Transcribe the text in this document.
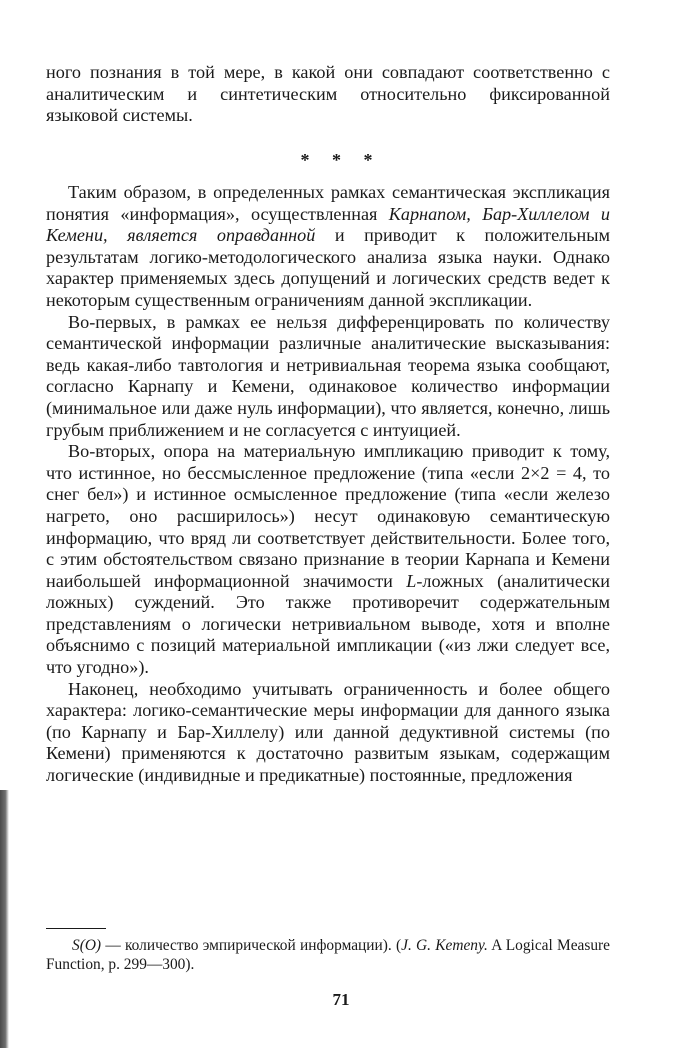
ного познания в той мере, в какой они совпадают соответственно с аналитическим и синтетическим относительно фиксированной языковой системы.

* * *

Таким образом, в определенных рамках семантическая экспликация понятия «информация», осуществленная Карнапом, Бар-Хиллелом и Кемени, является оправданной и приводит к положительным результатам логико-методологического анализа языка науки. Однако характер применяемых здесь допущений и логических средств ведет к некоторым существенным ограничениям данной экспликации.

Во-первых, в рамках ее нельзя дифференцировать по количеству семантической информации различные аналитические высказывания: ведь какая-либо тавтология и нетривиальная теорема языка сообщают, согласно Карнапу и Кемени, одинаковое количество информации (минимальное или даже нуль информации), что является, конечно, лишь грубым приближением и не согласуется с интуицией.

Во-вторых, опора на материальную импликацию приводит к тому, что истинное, но бессмысленное предложение (типа «если 2×2 = 4, то снег бел») и истинное осмысленное предложение (типа «если железо нагрето, оно расширилось») несут одинаковую семантическую информацию, что вряд ли соответствует действительности. Более того, с этим обстоятельством связано признание в теории Карнапа и Кемени наибольшей информационной значимости L-ложных (аналитически ложных) суждений. Это также противоречит содержательным представлениям о логически нетривиальном выводе, хотя и вполне объяснимо с позиций материальной импликации («из лжи следует все, что угодно»).

Наконец, необходимо учитывать ограниченность и более общего характера: логико-семантические меры информации для данного языка (по Карнапу и Бар-Хиллелу) или данной дедуктивной системы (по Кемени) применяются к достаточно развитым языкам, содержащим логические (индивидные и предикатные) постоянные, предложения

S(O) — количество эмпирической информации). (J. G. Kemeny. A Logical Measure Function, p. 299—300).

71
